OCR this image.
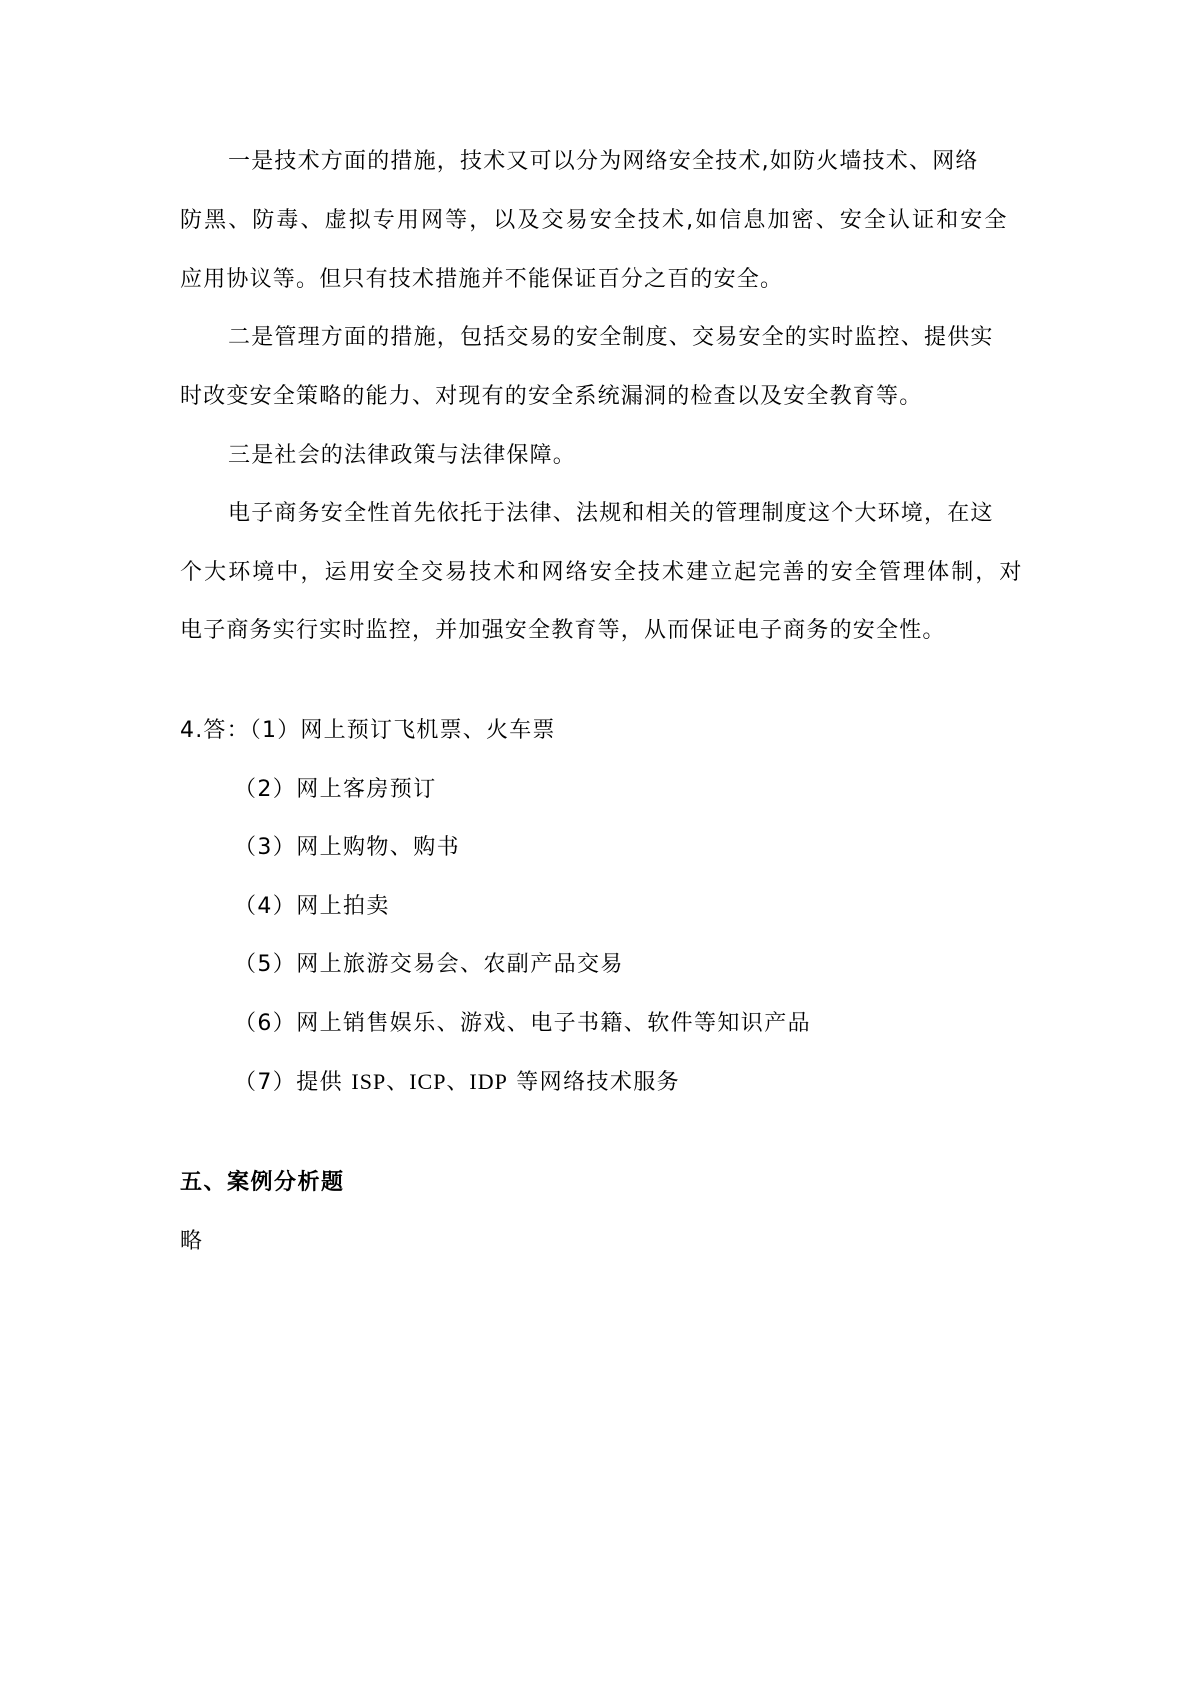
一是技术方面的措施，技术又可以分为网络安全技术,如防火墙技术、网络
防黑、防毒、虚拟专用网等，以及交易安全技术,如信息加密、安全认证和安全
应用协议等。但只有技术措施并不能保证百分之百的安全。
二是管理方面的措施，包括交易的安全制度、交易安全的实时监控、提供实
时改变安全策略的能力、对现有的安全系统漏洞的检查以及安全教育等。
三是社会的法律政策与法律保障。
电子商务安全性首先依托于法律、法规和相关的管理制度这个大环境，在这
个大环境中，运用安全交易技术和网络安全技术建立起完善的安全管理体制，对
电子商务实行实时监控，并加强安全教育等，从而保证电子商务的安全性。
4.答：（1）网上预订飞机票、火车票
（2）网上客房预订
（3）网上购物、购书
（4）网上拍卖
（5）网上旅游交易会、农副产品交易
（6）网上销售娱乐、游戏、电子书籍、软件等知识产品
（7）提供 ISP、ICP、IDP 等网络技术服务
五、案例分析题
略
